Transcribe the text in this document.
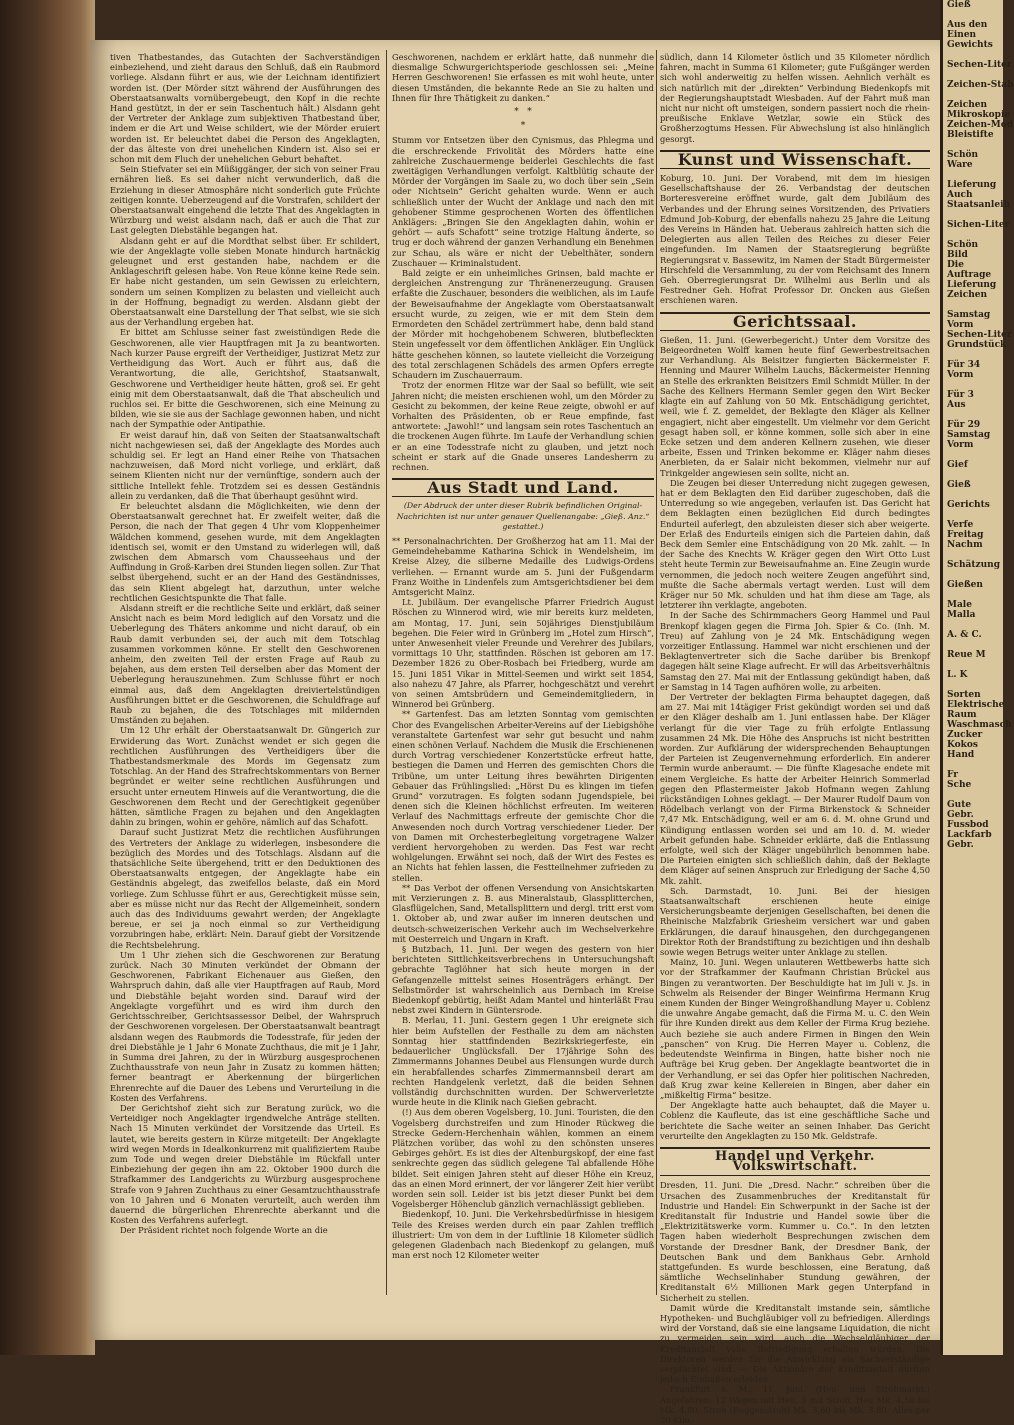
tiven Thatbestandes, das Gutachten der Sachverständigen einbeziehend, und zieht daraus den Schluß, daß ein Raubmord vorliege. Alsdann führt er aus, wie der Leichnam identifiziert worden ist. (Der Mörder sitzt während der Ausführungen des Oberstaatsanwalts vornübergebeugt, den Kopf in die rechte Hand gestützt, in der er sein Taschentuch hält.) Alsdann geht der Vertreter der Anklage zum subjektiven Thatbestand über, indem er die Art und Weise schildert, wie der Mörder eruiert worden ist. Er beleuchtet dabei die Person des Angeklagten, der das älteste von drei unehelichen Kindern ist. Also sei er schon mit dem Fluch der unehelichen Geburt behaftet.

Sein Stiefvater sei ein Müßiggänger, der sich von seiner Frau ernähren ließ. Es sei daher nicht verwunderlich, daß die Erziehung in dieser Atmosphäre nicht sonderlich gute Früchte zeitigen konnte. Ueberzeugend auf die Vorstrafen, schildert der Oberstaatsanwalt eingehend die letzte That des Angeklagten in Würzburg und weist alsdann nach, daß er auch die That zur Last gelegten Diebstähle begangen hat.

Alsdann geht er auf die Mordthat selbst über. Er schildert, wie der Angeklagte volle sieben Monate hindurch hartnäckig geleugnet und erst gestanden habe, nachdem er die Anklageschrift gelesen habe. Von Reue könne keine Rede sein. Er habe nicht gestanden, um sein Gewissen zu erleichtern, sondern um seinen Komplizen zu belasten und vielleicht auch in der Hoffnung, begnadigt zu werden. Alsdann giebt der Oberstaatsanwalt eine Darstellung der That selbst, wie sie sich aus der Verhandlung ergeben hat.

Er bittet am Schlusse seiner fast zweistündigen Rede die Geschworenen, alle vier Hauptfragen mit Ja zu beantworten. Nach kurzer Pause ergreift der Vertheidiger, Justizrat Metz zur Vertheidigung das Wort. Auch er führt aus, daß die Verantwortung, die alle, Gerichtshof, Staatsanwalt, Geschworene und Vertheidiger heute hätten, groß sei. Er geht einig mit dem Oberstaatsanwalt, daß die That abscheulich und ruchlos sei. Er bitte die Geschworenen, sich eine Meinung zu bilden, wie sie sie aus der Sachlage gewonnen haben, und nicht nach der Sympathie oder Antipathie.

Er weist darauf hin, daß von Seiten der Staatsanwaltschaft nicht nachgewiesen sei, daß der Angeklagte des Mordes auch schuldig sei. Er legt an Hand einer Reihe von Thatsachen nachzuweisen, daß Mord nicht vorliege, und erklärt, daß seinem Klienten nicht nur der vernünftige, sondern auch der sittliche Intellekt fehle. Trotzdem sei es dessen Geständnis allein zu verdanken, daß die That überhaupt gesühnt wird.

Er beleuchtet alsdann die Möglichkeiten, wie denn der Oberstaatsanwalt gerechnet hat. Er zweifelt weiter, daß die Person, die nach der That gegen 4 Uhr vom Kloppenheimer Wäldchen kommend, gesehen wurde, mit dem Angeklagten identisch sei, womit er den Umstand zu widerlegen will, daß zwischen dem Abmarsch vom Chausseehaus und der Auffindung in Groß-Karben drei Stunden liegen sollen. Zur That selbst übergehend, sucht er an der Hand des Geständnisses, das sein Klient abgelegt hat, darzuthun, unter welche rechtlichen Gesichtspunkte die That falle.

Alsdann streift er die rechtliche Seite und erklärt, daß seiner Ansicht nach es beim Mord lediglich auf den Vorsatz und die Ueberlegung des Thäters ankomme und nicht darauf, ob ein Raub damit verbunden sei, der auch mit dem Totschlag zusammen vorkommen könne. Er stellt den Geschworenen anheim, den zweiten Teil der ersten Frage auf Raub zu bejahen, aus dem ersten Teil derselben aber das Moment der Ueberlegung herauszunehmen. Zum Schlusse führt er noch einmal aus, daß dem Angeklagten dreiviertelstündigen Ausführungen bittet er die Geschworenen, die Schuldfrage auf Raub zu bejahen, die des Totschlages mit mildernden Umständen zu bejahen.

Um 12 Uhr erhält der Oberstaatsanwalt Dr. Güngerich zur Erwiderung das Wort. Zunächst wendet er sich gegen die rechtlichen Ausführungen des Vertheidigers über die Thatbestandsmerkmale des Mords im Gegensatz zum Totschlag. An der Hand des Strafrechtskommentars von Berner begründet er weiter seine rechtlichen Ausführungen und ersucht unter erneutem Hinweis auf die Verantwortung, die die Geschworenen dem Recht und der Gerechtigkeit gegenüber hätten, sämtliche Fragen zu bejahen und den Angeklagten dahin zu bringen, wohin er gehöre, nämlich auf das Schafott.

Darauf sucht Justizrat Metz die rechtlichen Ausführungen des Vertreters der Anklage zu widerlegen, insbesondere die bezüglich des Mordes und des Totschlags. Alsdann auf die thatsächliche Seite übergehend, tritt er den Deduktionen des Oberstaatsanwalts entgegen, der Angeklagte habe ein Geständnis abgelegt, das zweifellos belaste, daß ein Mord vorliege. Zum Schlusse führt er aus, Gerechtigkeit müsse sein, aber es müsse nicht nur das Recht der Allgemeinheit, sondern auch das des Individuums gewahrt werden; der Angeklagte bereue, er sei ja noch einmal so zur Vertheidigung vorzubringen habe, erklärt: Nein. Darauf giebt der Vorsitzende die Rechtsbelehrung.

Um 1 Uhr ziehen sich die Geschworenen zur Beratung zurück. Nach 30 Minuten verkündet der Obmann der Geschworenen, Fabrikant Eichenauer aus Gießen, den Wahrspruch dahin, daß alle vier Hauptfragen auf Raub, Mord und Diebstähle bejaht worden sind. Darauf wird der Angeklagte vorgeführt und es wird ihm durch den Gerichtsschreiber, Gerichtsassessor Deibel, der Wahrspruch der Geschworenen vorgelesen. Der Oberstaatsanwalt beantragt alsdann wegen des Raubmords die Todesstrafe, für jeden der drei Diebstähle je 1 Jahr 6 Monate Zuchthaus, die mit je 1 Jahr, in Summa drei Jahren, zu der in Würzburg ausgesprochenen Zuchthausstrafe von neun Jahr in Zusatz zu kommen hätten; ferner beantragt er Aberkennung der bürgerlichen Ehrenrechte auf die Dauer des Lebens und Verurteilung in die Kosten des Verfahrens.

Der Gerichtshof zieht sich zur Beratung zurück, wo die Verteidiger noch Angeklagter irgendwelche Anträge stellten. Nach 15 Minuten verkündet der Vorsitzende das Urteil. Es lautet, wie bereits gestern in Kürze mitgeteilt: Der Angeklagte wird wegen Mords in Idealkonkurrenz mit qualifiziertem Raube zum Tode und wegen dreier Diebstähle im Rückfall unter Einbeziehung der gegen ihn am 22. Oktober 1900 durch die Strafkammer des Landgerichts zu Würzburg ausgesprochene Strafe von 9 Jahren Zuchthaus zu einer Gesamtzuchthausstrafe von 10 Jahren und 6 Monaten verurteilt, auch werden ihm dauernd die bürgerlichen Ehrenrechte aberkannt und die Kosten des Verfahrens auferlegt.

Der Präsident richtet noch folgende Worte an die

Geschworenen, nachdem er erklärt hatte, daß nunmehr die diesmalige Schwurgerichtsperiode geschlossen sei: „Meine Herren Geschworenen! Sie erfassen es mit wohl heute, unter diesen Umständen, die bekannte Rede an Sie zu halten und Ihnen für Ihre Thätigkeit zu danken.“

*   *
*

Stumm vor Entsetzen über den Cynismus, das Phlegma und die erschreckende Frivolität des Mörders hatte eine zahlreiche Zuschauermenge beiderlei Geschlechts die fast zweitägigen Verhandlungen verfolgt. Kaltblütig schaute der Mörder der Vorgängen im Saale zu, wo doch über sein „Sein oder Nichtsein“ Gericht gehalten wurde. Wenn er auch schließlich unter der Wucht der Anklage und nach den mit gehobener Stimme gesprochenen Worten des öffentlichen Anklägers: „Bringen Sie den Angeklagten dahin, wohin er gehört — aufs Schafott“ seine trotzige Haltung änderte, so trug er doch während der ganzen Verhandlung ein Benehmen zur Schau, als wäre er nicht der Uebelthäter, sondern Zuschauer — Kriminalstudent.

Bald zeigte er ein unheimliches Grinsen, bald machte er dergleichen Anstrengung zur Thränenerzeugung. Grausen erfaßte die Zuschauer, besonders die weiblichen, als im Laufe der Beweisaufnahme der Angeklagte vom Oberstaatsanwalt ersucht wurde, zu zeigen, wie er mit dem Stein dem Ermordeten den Schädel zertrümmert habe, denn bald stand der Mörder mit hochgehobenem Schweren, blutbefleckten Stein ungefesselt vor dem öffentlichen Ankläger. Ein Unglück hätte geschehen können, so lautete vielleicht die Vorzeigung des total zerschlagenen Schädels des armen Opfers erregte Schaudern im Zuschauerraum.

Trotz der enormen Hitze war der Saal so befüllt, wie seit Jahren nicht; die meisten erschienen wohl, um den Mörder zu Gesicht zu bekommen, der keine Reue zeigte, obwohl er auf Vorhalten des Präsidenten, ob er Reue empfinde, fast antwortete: „Jawohl!“ und langsam sein rotes Taschentuch an die trockenen Augen führte. Im Laufe der Verhandlung schien er an eine Todesstrafe nicht zu glauben, und jetzt noch scheint er stark auf die Gnade unseres Landesherrn zu rechnen.

Aus Stadt und Land.
(Der Abdruck der unter dieser Rubrik befindlichen Original-Nachrichten ist nur unter genauer Quellenangabe: „Gieß. Anz.“ gestattet.)

** Personalnachrichten. Der Großherzog hat am 11. Mai der Gemeindehebamme Katharina Schick in Wendelsheim, im Kreise Alzey, die silberne Medaille des Ludwigs-Ordens verliehen. — Ernannt wurde am 5. Juni der Fußgendarm Franz Woithe in Lindenfels zum Amtsgerichtsdiener bei dem Amtsgericht Mainz.

Lt. Jubiläum. Der evangelische Pfarrer Friedrich August Röschen zu Winnerod wird, wie mir bereits kurz meldeten, am Montag, 17. Juni, sein 50jähriges Dienstjubiläum begehen. Die Feier wird in Grünberg im „Hotel zum Hirsch“, unter Anwesenheit vieler Freunde und Verehrer des Jubilars, vormittags 10 Uhr, stattfinden. Röschen ist geboren am 17. Dezember 1826 zu Ober-Rosbach bei Friedberg, wurde am 15. Juni 1851 Vikar in Mittel-Seemen und wirkt seit 1854, also nahezu 47 Jahre, als Pfarrer, hochgeschätzt und verehrt von seinen Amtsbrüdern und Gemeindemitgliedern, in Winnerod bei Grünberg.

** Gartenfest. Das am letzten Sonntag vom gemischten Chor des Evangelischen Arbeiter-Vereins auf der Liebigshöhe veranstaltete Gartenfest war sehr gut besucht und nahm einen schönen Verlauf. Nachdem die Musik die Erschienenen durch Vortrag verschiedener Konzertstücke erfreut hatte, bestiegen die Damen und Herren des gemischten Chors die Tribüne, um unter Leitung ihres bewährten Dirigenten Gebauer das Frühlingslied: „Hörst Du es klingen im tiefen Grund“ vorzutragen. Es folgten sodann Jugendspiele, bei denen sich die Kleinen höchlichst erfreuten. Im weiteren Verlauf des Nachmittags erfreute der gemischte Chor die Anwesenden noch durch Vortrag verschiedener Lieder. Der von Damen mit Orchesterbegleitung vorgetragene Walzer verdient hervorgehoben zu werden. Das Fest war recht wohlgelungen. Erwähnt sei noch, daß der Wirt des Festes es an Nichts hat fehlen lassen, die Festteilnehmer zufrieden zu stellen.

** Das Verbot der offenen Versendung von Ansichtskarten mit Verzierungen z. B. aus Mineralstaub, Glassplitterchen, Glasflügelchen, Sand, Metallsplittern und dergl. tritt erst vom 1. Oktober ab, und zwar außer im inneren deutschen und deutsch-schweizerischen Verkehr auch im Wechselverkehre mit Oesterreich und Ungarn in Kraft.

§ Butzbach, 11. Juni. Der wegen des gestern von hier berichteten Sittlichkeitsverbrechens in Untersuchungshaft gebrachte Taglöhner hat sich heute morgen in der Gefangenzelle mittelst seines Hosenträgers erhängt. Der Selbstmörder ist wahrscheinlich aus Dernbach im Kreise Biedenkopf gebürtig, heißt Adam Mantel und hinterläßt Frau nebst zwei Kindern in Güntersrode.

B. Merlau, 11. Juni. Gestern gegen 1 Uhr ereignete sich hier beim Aufstellen der Festhalle zu dem am nächsten Sonntag hier stattfindenden Bezirkskriegerfeste, ein bedauerlicher Unglücksfall. Der 17jährige Sohn des Zimmermanns Johannes Deubel aus Flensungen wurde durch ein herabfallendes scharfes Zimmermannsbeil derart am rechten Handgelenk verletzt, daß die beiden Sehnen vollständig durchschnitten wurden. Der Schwerverletzte wurde heute in die Klinik nach Gießen gebracht.

(!) Aus dem oberen Vogelsberg, 10. Juni. Touristen, die den Vogelsberg durchstreifen und zum Hinoder Rückweg die Strecke Gedern-Herchenhain wählen, kommen an einem Plätzchen vorüber, das wohl zu den schönsten unseres Gebirges gehört. Es ist dies der Altenburgskopf, der eine fast senkrechte gegen das südlich gelegene Tal abfallende Höhe bildet. Seit einigen Jahren steht auf dieser Höhe ein Kreuz, das an einen Mord erinnert, der vor längerer Zeit hier verübt worden sein soll. Leider ist bis jetzt dieser Punkt bei dem Vogelsberger Höhenclub gänzlich vernachlässigt geblieben.

Biedenkopf, 10. Juni. Die Verkehrsbedürfnisse in hiesigem Teile des Kreises werden durch ein paar Zahlen trefflich illustriert: Um von dem in der Luftlinie 18 Kilometer südlich gelegenen Gladenbach nach Biedenkopf zu gelangen, muß man erst noch 12 Kilometer weiter

südlich, dann 14 Kilometer östlich und 35 Kilometer nördlich fahren, macht in Summa 61 Kilometer; gute Fußgänger werden sich wohl anderweitig zu helfen wissen. Aehnlich verhält es sich natürlich mit der „direkten“ Verbindung Biedenkopfs mit der Regierungshauptstadt Wiesbaden. Auf der Fahrt muß man nicht nur nicht oft umsteigen, sondern passiert noch die rhein-preußische Enklave Wetzlar, sowie ein Stück des Großherzogtums Hessen. Für Abwechslung ist also hinlänglich gesorgt.

Kunst und Wissenschaft.

Koburg, 10. Juni. Der Vorabend, mit dem im hiesigen Gesellschaftshause der 26. Verbandstag der deutschen Borteresvereine eröffnet wurde, galt dem Jubiläum des Verbandes und der Ehrung seines Vorsitzenden, des Privatiers Edmund Job-Koburg, der ebenfalls nahezu 25 Jahre die Leitung des Vereins in Händen hat. Ueberaus zahlreich hatten sich die Delegierten aus allen Teilen des Reiches zu dieser Feier eingefunden. Im Namen der Staatsregierung begrüßte Regierungsrat v. Bassewitz, im Namen der Stadt Bürgermeister Hirschfeld die Versammlung, zu der vom Reichsamt des Innern Geh. Oberregierungsrat Dr. Wilhelmi aus Berlin und als Festredner Geh. Hofrat Professor Dr. Oncken aus Gießen erschienen waren.

Gerichtssaal.

Gießen, 11. Juni. (Gewerbegericht.) Unter dem Vorsitze des Beigeordneten Wolff kamen heute fünf Gewerbestreitsachen zur Verhandlung. Als Beisitzer fungierten Bäckermeister F. Henning und Maurer Wilhelm Lauchs, Bäckermeister Henning an Stelle des erkrankten Beisitzers Emil Schmidt Müller. In der Sache des Kellners Hermann Semler gegen den Wirt Becker klagte ein auf Zahlung von 50 Mk. Entschädigung gerichtet, weil, wie f. Z. gemeldet, der Beklagte den Kläger als Kellner engagiert, nicht aber eingestellt. Um vielmehr vor dem Gericht gesagt haben soll, er könne kommen, solle sich aber in eine Ecke setzen und dem anderen Kellnern zusehen, wie dieser arbeite, Essen und Trinken bekomme er. Kläger nahm dieses Anerbieten, da er Salair nicht bekommen, vielmehr nur auf Trinkgelder angewiesen sein sollte, nicht an.

Die Zeugen bei dieser Unterredung nicht zugegen gewesen, hat er dem Beklagten den Eid darüber zugeschoben, daß die Unterredung so wie angegeben, verlaufen ist. Das Gericht hat dem Beklagten einen bezüglichen Eid durch bedingtes Endurteil auferlegt, den abzuleisten dieser sich aber weigerte. Der Erlaß des Endurteils einigen sich die Parteien dahin, daß Beck dem Semler eine Entschädigung von 20 Mk. zahlt. — In der Sache des Knechts W. Kräger gegen den Wirt Otto Lust steht heute Termin zur Beweisaufnahme an. Eine Zeugin wurde vernommen, die jedoch noch weitere Zeugen angeführt sind, mußte die Sache abermals vertagt werden. Lust will dem Kräger nur 50 Mk. schulden und hat ihm diese am Tage, als letzterer ihn verklagte, angeboten.

In der Sache des Schirmmachers Georg Hammel und Paul Brenkopf klagen gegen die Firma Joh. Spier & Co. (Inh. M. Treu) auf Zahlung von je 24 Mk. Entschädigung wegen vorzeitiger Entlassung. Hammel war nicht erschienen und der Beklagtenvertreter sich die Sache darüber bis Brenkopf dagegen hält seine Klage aufrecht. Er will das Arbeitsverhältnis Samstag den 27. Mai mit der Entlassung gekündigt haben, daß er Samstag in 14 Tagen aufhören wolle, zu arbeiten.

Der Vertreter der beklagten Firma behauptet dagegen, daß am 27. Mai mit 14tägiger Frist gekündigt worden sei und daß er den Kläger deshalb am 1. Juni entlassen habe. Der Kläger verlangt für die vier Tage zu früh erfolgte Entlassung zusammen 24 Mk. Die Höhe des Anspruchs ist nicht bestritten worden. Zur Aufklärung der widersprechenden Behauptungen der Parteien ist Zeugenvernehmung erforderlich. Ein anderer Termin wurde anberaumt. — Die fünfte Klagesache endete mit einem Vergleiche. Es hatte der Arbeiter Heinrich Sommerlad gegen den Pflastermeister Jakob Hofmann wegen Zahlung rückständigen Lohnes geklagt. — Der Maurer Rudolf Daum von Rödelbach verlangt von der Firma Birkenstock & Schneider 7,47 Mk. Entschädigung, weil er am 6. d. M. ohne Grund und Kündigung entlassen worden sei und am 10. d. M. wieder Arbeit gefunden habe. Schneider erklärte, daß die Entlassung erfolgte, weil sich der Kläger ungebührlich benommen habe. Die Parteien einigten sich schließlich dahin, daß der Beklagte dem Kläger auf seinen Anspruch zur Erledigung der Sache 4,50 Mk. zahlt.

Sch. Darmstadt, 10. Juni. Bei der hiesigen Staatsanwaltschaft erschienen heute einige Versicherungsbeamte derjenigen Gesellschaften, bei denen die Rheinische Malzfabrik Griesheim versichert war und gaben Erklärungen, die darauf hinausgehen, den durchgegangenen Direktor Roth der Brandstiftung zu bezichtigen und ihn deshalb sowie wegen Betrugs weiter unter Anklage zu stellen.

Mainz, 10. Juni. Wegen unlauteren Wettbewerbs hatte sich vor der Strafkammer der Kaufmann Christian Brückel aus Bingen zu verantworten. Der Beschuldigte hat im Juli v. Js. in Schwelm als Reisender der Binger Weinfirma Hermann Krug einem Kunden der Binger Weingroßhandlung Mayer u. Coblenz die unwahre Angabe gemacht, daß die Firma M. u. C. den Wein für ihre Kunden direkt aus dem Keller der Firma Krug beziehe. Auch beziehe sie auch andere Firmen in Bingen den Wein „panschen“ von Krug. Die Herren Mayer u. Coblenz, die bedeutendste Weinfirma in Bingen, hatte bisher noch nie Aufträge bei Krug geben. Der Angeklagte beantwortet die in der Verhandlung, er sei das Opfer hier politischen Nachreden, daß Krug zwar keine Kellereien in Bingen, aber daher ein „mißkeltig Firma“ besitze.

Der Angeklagte hatte auch behauptet, daß die Mayer u. Coblenz die Kaufleute, das ist eine geschäftliche Sache und berichtete die Sache weiter an seinen Inhaber. Das Gericht verurteilte den Angeklagten zu 150 Mk. Geldstrafe.

Handel und Verkehr. Volkswirtschaft.

Dresden, 11. Juni. Die „Dresd. Nachr.“ schreiben über die Ursachen des Zusammenbruches der Kreditanstalt für Industrie und Handel: Ein Schwerpunkt in der Sache ist der Kreditanstalt für Industrie und Handel sowie über die „Elektrizitätswerke vorm. Kummer u. Co.“. In den letzten Tagen haben wiederholt Besprechungen zwischen dem Vorstande der Dresdner Bank, der Dresdner Bank, der Deutschen Bank und dem Bankhaus Gebr. Arnhold stattgefunden. Es wurde beschlossen, eine Beratung, daß sämtliche Wechselinhaber Stundung gewähren, der Kreditanstalt 6½ Millionen Mark gegen Unterpfand in Sicherheit zu stellen.

Damit würde die Kreditanstalt imstande sein, sämtliche Hypotheken- und Buchgläubiger voll zu befriedigen. Allerdings wird der Vorstand, daß sie eine langsame Liquidation, die nicht zu vermeiden sein wird, auch die Wechselgläubiger der Kreditanstalt volle Befriedigung erhalten würden. Die Direktoren werden für die Abwicklung als Sachverständige verpflichtet sind. — Die Aktionäre der Kreditanstalt dürften jedoch Einbußen erleiden.

Frankfurt a. M., 11. Juni. (Heu- und Strohmarkt.) Angefahren: 12 Wagen mit Heu, 3 mit Stroh. Heu Mk. 4.50 bis Mk. 4.80, Stroh (Roggenstroh) Mk. 3.60 bis Mk. 3.80. Alles per 50 Kilo.

Gieß

Aus den
Einen
Gewichts

Sechen-Liter

Zeichen-Stab

Zeichen
Mikroskopie
Zeichen-Mod
Bleistifte

Schön
Ware

Lieferung
Auch
Staatsanleih

Sichen-Liter

Schön
Bild
Die
Auftrage
Lieferung
Zeichen

Samstag
Vorm
Sechen-Liter
Grundstück

Für 34
Vorm

Für 3
Aus

Für 29
Samstag
Vorm

Gief

Gieß

Gerichts

Verfe
Freitag
Nachm

Schätzung

Gießen

Male
Malla

A. & C.

Reue M

L. K

Sorten
Elektrische
Raum
Waschmasch
Zucker
Kokos
Hand

Fr
Sche

Gute
Gebr.
Fussbod
Lackfarb
Gebr.
